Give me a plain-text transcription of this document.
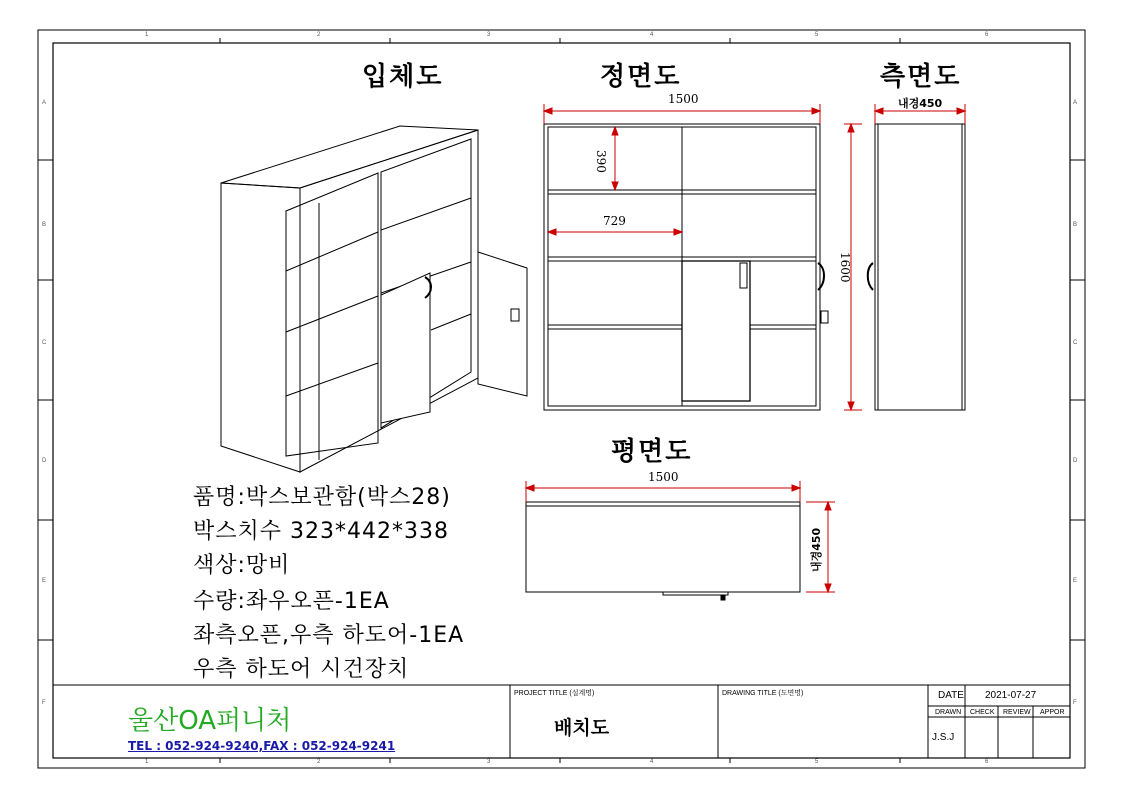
1	2	3	4	5	6
1	2	3	4	5	6
A
B
C
D
E
F
A
B
C
D
E
F
입체도	정면도	측면도
평면도
1500
390
729
1600
내경450
1500
내경450
품명:박스보관함(박스28)
박스치수 323*442*338
색상:망비
수량:좌우오픈-1EA
좌측오픈,우측 하도어-1EA
우측 하도어 시건장치
울산OA퍼니처
TEL : 052-924-9240,FAX : 052-924-9241
PROJECT TITLE (설계명)
배치도
DRAWING TITLE (도면명)	DATE 2021-07-27
DRAWN CHECK REVIEW APPOR
J.S.J
